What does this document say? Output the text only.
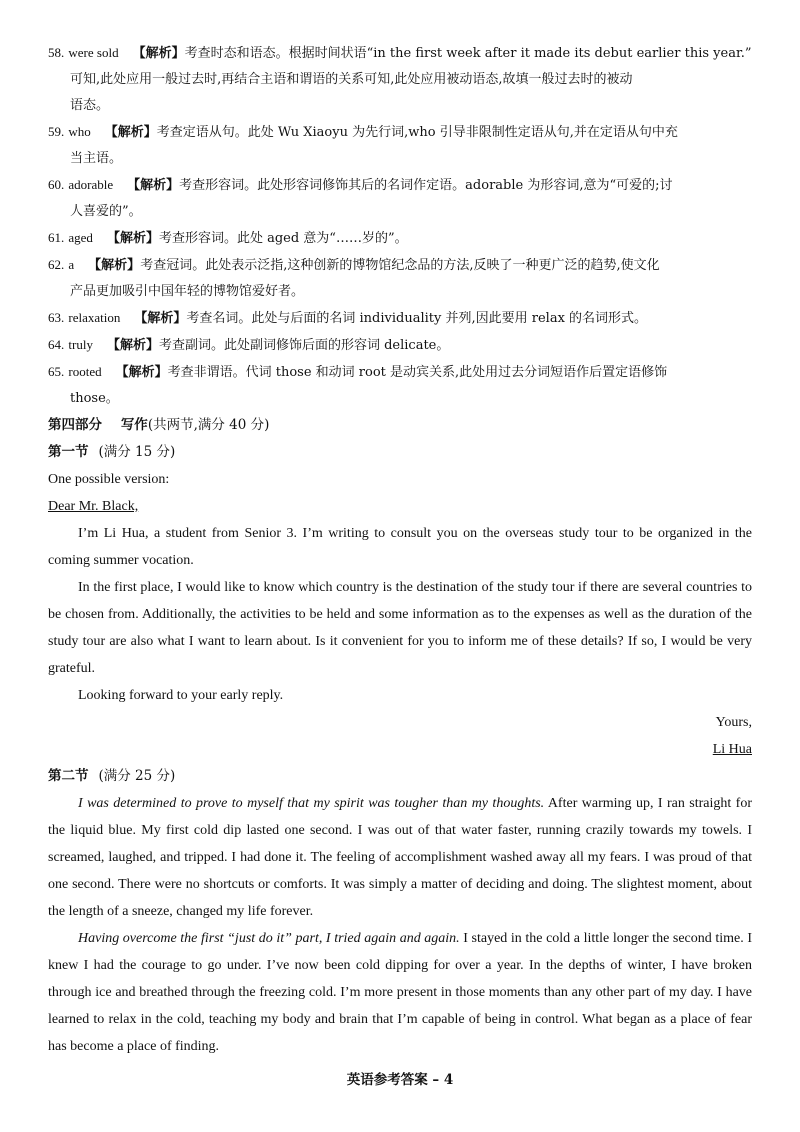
58. were sold 【解析】考查时态和语态。根据时间状语“in the first week after it made its debut earlier this year.”

可知,此处应用一般过去时,再结合主语和谓语的关系可知,此处应用被动语态,故填一般过去时的被动

语态。

59. who 【解析】考查定语从句。此处 Wu Xiaoyu 为先行词,who 引导非限制性定语从句,并在定语从句中充

当主语。

60. adorable 【解析】考查形容词。此处形容词修饰其后的名词作定语。adorable 为形容词,意为“可爱的;讨

人喜爱的”。

61. aged 【解析】考查形容词。此处 aged 意为“……岁的”。

62. a 【解析】考查冠词。此处表示泛指,这种创新的博物馆纪念品的方法,反映了一种更广泛的趋势,使文化

产品更加吸引中国年轻的博物馆爱好者。

63. relaxation 【解析】考查名词。此处与后面的名词 individuality 并列,因此要用 relax 的名词形式。

64. truly 【解析】考查副词。此处副词修饰后面的形容词 delicate。

65. rooted 【解析】考查非谓语。代词 those 和动词 root 是动宾关系,此处用过去分词短语作后置定语修饰

those。

第四部分 写作(共两节,满分 40 分)

第一节 (满分 15 分)

One possible version:

Dear Mr. Black,

I’m Li Hua, a student from Senior 3. I’m writing to consult you on the overseas study tour to be organized in the coming summer vocation.

In the first place, I would like to know which country is the destination of the study tour if there are several countries to be chosen from. Additionally, the activities to be held and some information as to the expenses as well as the duration of the study tour are also what I want to learn about. Is it convenient for you to inform me of these details? If so, I would be very grateful.

Looking forward to your early reply.

Yours,

Li Hua

第二节 (满分 25 分)

I was determined to prove to myself that my spirit was tougher than my thoughts. After warming up, I ran straight for the liquid blue. My first cold dip lasted one second. I was out of that water faster, running crazily towards my towels. I screamed, laughed, and tripped. I had done it. The feeling of accomplishment washed away all my fears. I was proud of that one second. There were no shortcuts or comforts. It was simply a matter of deciding and doing. The slightest moment, about the length of a sneeze, changed my life forever.

Having overcome the first “just do it” part, I tried again and again. I stayed in the cold a little longer the second time. I knew I had the courage to go under. I’ve now been cold dipping for over a year. In the depths of winter, I have broken through ice and breathed through the freezing cold. I’m more present in those moments than any other part of my day. I have learned to relax in the cold, teaching my body and brain that I’m capable of being in control. What began as a place of fear has become a place of finding.

英语参考答案 – 4
